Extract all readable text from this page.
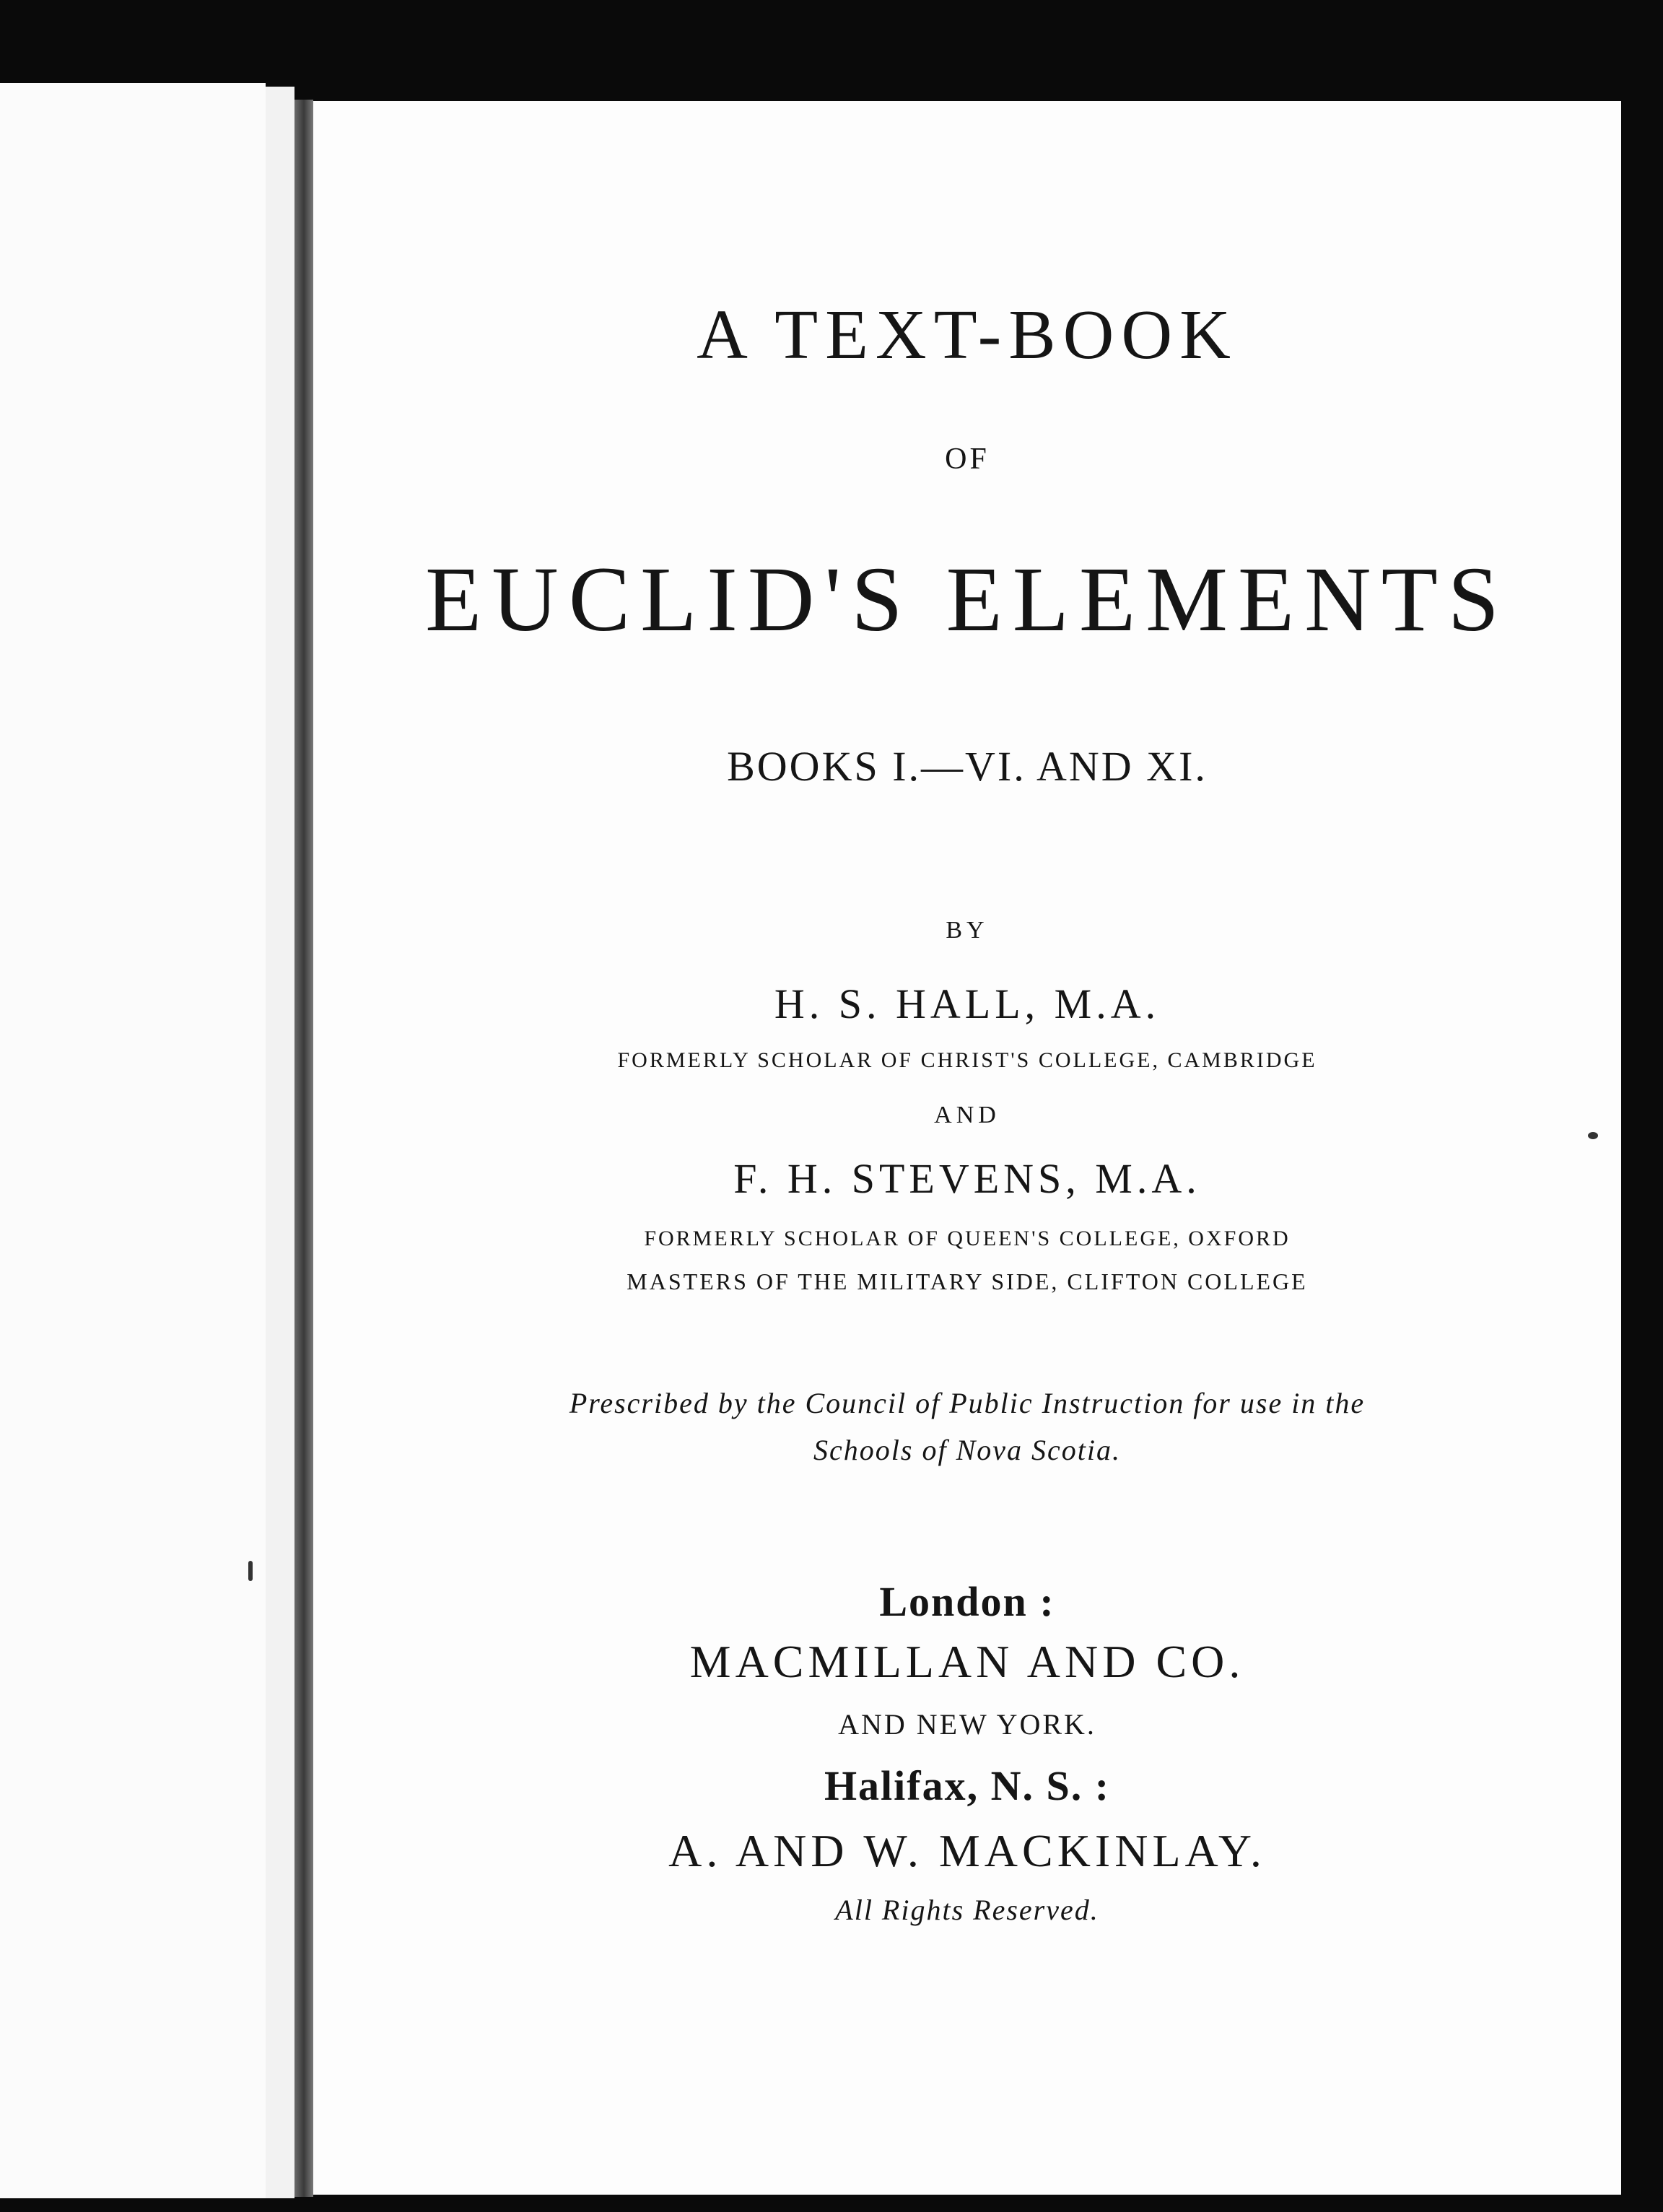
A TEXT-BOOK
OF
EUCLID'S ELEMENTS
BOOKS I.—VI. AND XI.
BY
H. S. HALL, M.A.
FORMERLY SCHOLAR OF CHRIST'S COLLEGE, CAMBRIDGE
AND
F. H. STEVENS, M.A.
FORMERLY SCHOLAR OF QUEEN'S COLLEGE, OXFORD
MASTERS OF THE MILITARY SIDE, CLIFTON COLLEGE
Prescribed by the Council of Public Instruction for use in the
Schools of Nova Scotia.
London :
MACMILLAN AND CO.
AND NEW YORK.
Halifax, N. S. :
A. AND W. MACKINLAY.
All Rights Reserved.
